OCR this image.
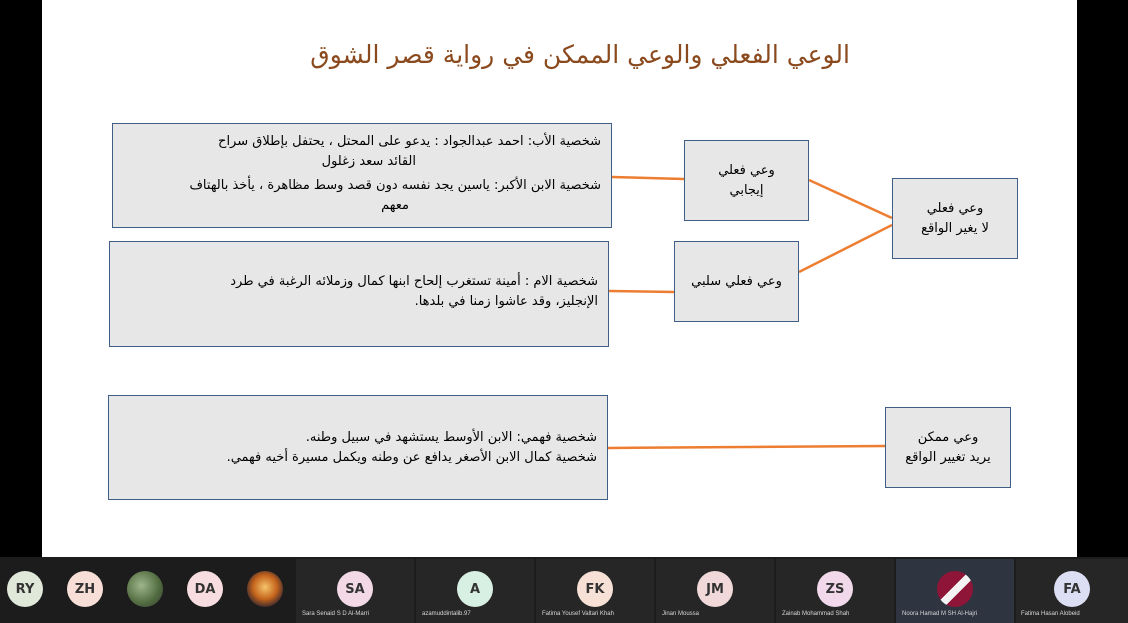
الوعي الفعلي والوعي الممكن في رواية قصر الشوق
شخصية الأب: احمد عبدالجواد : يدعو على المحتل ، يحتفل بإطلاق سراح
القائد سعد زغلول
شخصية الابن الأكبر: ياسين يجد نفسه دون قصد وسط مظاهرة ، يأخذ بالهتاف
معهم
شخصية الام : أمينة تستغرب إلحاح ابنها كمال وزملائه الرغبة في طرد
الإنجليز، وقد عاشوا زمنا في بلدها.
شخصية فهمي: الابن الأوسط يستشهد في سبيل وطنه.
شخصية كمال الابن الأصغر يدافع عن وطنه ويكمل مسيرة أخيه فهمي.
وعي فعلي
إيجابي
وعي فعلي سلبي
وعي فعلي
لا يغير الواقع
وعي ممكن
يريد تغيير الواقع
RY	ZH	DA	SA
Sara Senaid S D Al-Marri
A
azamuddintalib.97
FK
Fatima Yousef Valtari Khah
JM
Jinan Moussa
ZS
Zainab Mohammad Shah	Noora Hamad M SH Al-Hajri
FA
Fatima Hasan Alobeid
